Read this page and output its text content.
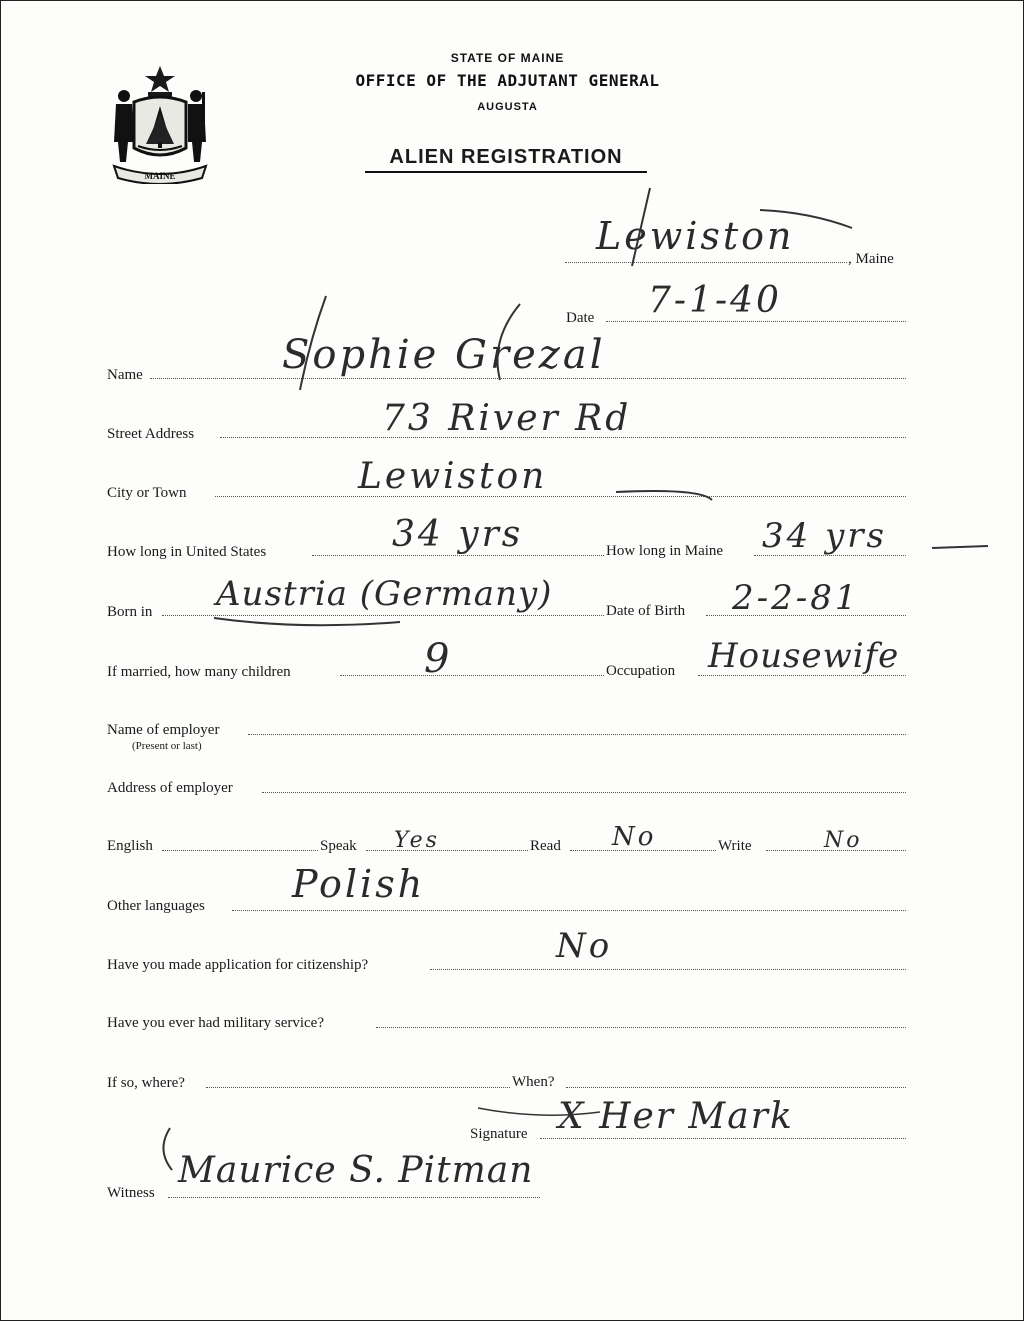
MAINE
STATE OF MAINE
OFFICE OF THE ADJUTANT GENERAL
AUGUSTA
ALIEN REGISTRATION
, Maine
Lewiston
Date 7-1-40
Name	Sophie Grezal
Street Address	73 River Rd
City or Town	Lewiston
How long in United States	34 yrs	How long in Maine 34 yrs
Born in Austria (Germany)	Date of Birth 2-2-81
If married, how many children	9	Occupation Housewife
Name of employer
(Present or last)
Address of employer
English	Speak Yes	Read No	Write	No
Other languages Polish
Have you made application for citizenship?	No
Have you ever had military service?
If so, where?	When?
Signature X Her Mark
Witness
Maurice S. Pitman
